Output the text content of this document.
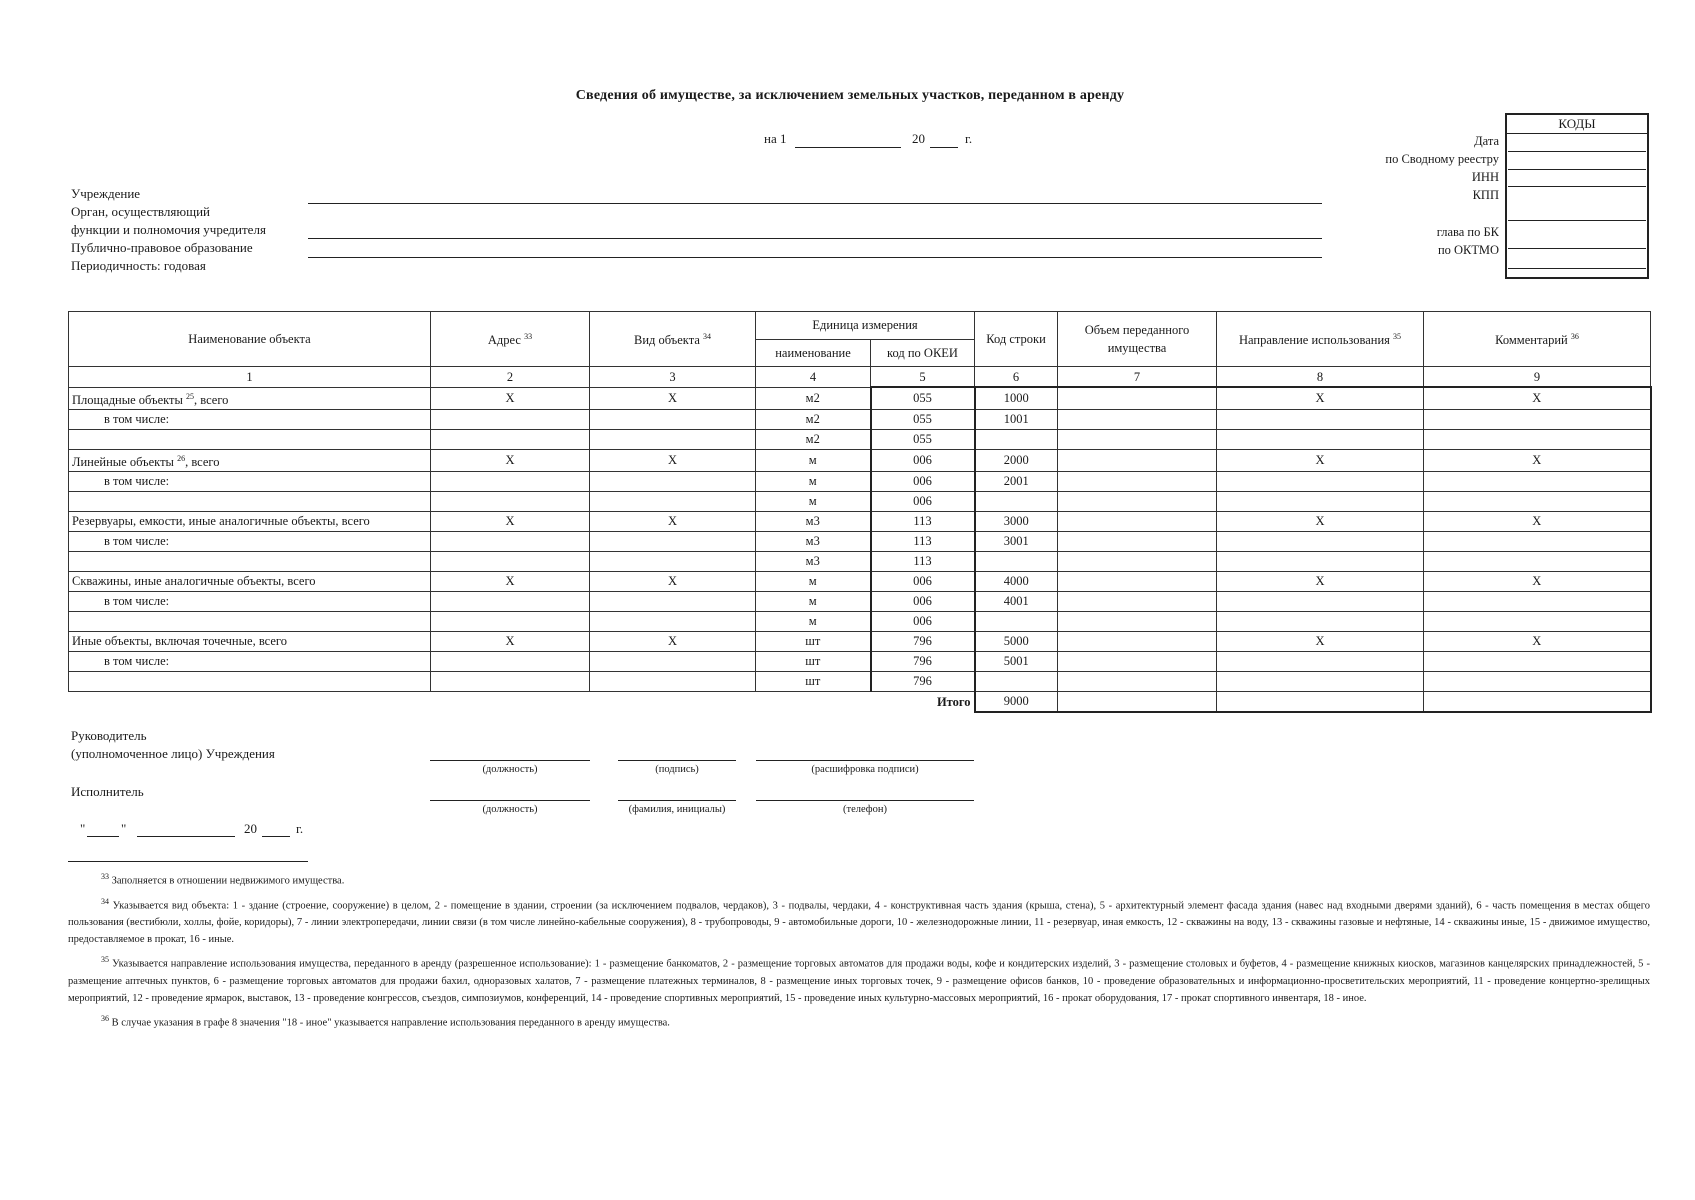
Сведения об имуществе, за исключением земельных участков, переданном в аренду
на 1	20	г.
КОДЫ
Дата
по Сводному реестру
ИНН
КПП
глава по БК
по ОКТМО
Учреждение
Орган, осуществляющий
функции и полномочия учредителя
Публично-правовое образование
Периодичность: годовая
Наименование объекта	Адрес $^{33}$	Вид объекта $^{34}$	Единица измерения		Код строки	Объем переданного имущества	Направление использования $^{35}$	Комментарий $^{36}$
			наименование	код по ОКЕИ				
1	2	3	4	5	6	7	8	9
Площадные объекты $^{25}$, всего	X	X	м2	055	1000		X	X
в том числе:			м2	055	1001			
			м2	055				
Линейные объекты $^{26}$, всего	X	X	м	006	2000		X	X
в том числе:			м	006	2001			
			м	006				
Резервуары, емкости, иные аналогичные объекты, всего	X	X	м3	113	3000		X	X
в том числе:			м3	113	3001			
			м3	113				
Скважины, иные аналогичные объекты, всего	X	X	м	006	4000		X	X
в том числе:			м	006	4001			
			м	006				
Иные объекты, включая точечные, всего	X	X	шт	796	5000		X	X
в том числе:			шт	796	5001			
			шт	796				
				Итого	9000			
Руководитель
(уполномоченное лицо) Учреждения
(должность)	(подпись)	(расшифровка подписи)
Исполнитель
(должность)	(фамилия, инициалы)	(телефон)
"	"	20	г.
$^{33}$ Заполняется в отношении недвижимого имущества.
$^{34}$ Указывается вид объекта: 1 - здание (строение, сооружение) в целом, 2 - помещение в здании, строении (за исключением подвалов, чердаков), 3 - подвалы, чердаки, 4 - конструктивная часть здания (крыша, стена), 5 - архитектурный элемент фасада здания (навес над входными дверями зданий), 6 - часть помещения в местах общего пользования (вестибюли, холлы, фойе, коридоры), 7 - линии электропередачи, линии связи (в том числе линейно-кабельные сооружения), 8 - трубопроводы, 9 - автомобильные дороги, 10 - железнодорожные линии, 11 - резервуар, иная емкость, 12 - скважины на воду, 13 - скважины газовые и нефтяные, 14 - скважины иные, 15 - движимое имущество, предоставляемое в прокат, 16 - иные.
$^{35}$ Указывается направление использования имущества, переданного в аренду (разрешенное использование): 1 - размещение банкоматов, 2 - размещение торговых автоматов для продажи воды, кофе и кондитерских изделий, 3 - размещение столовых и буфетов, 4 - размещение книжных киосков, магазинов канцелярских принадлежностей, 5 - размещение аптечных пунктов, 6 - размещение торговых автоматов для продажи бахил, одноразовых халатов, 7 - размещение платежных терминалов, 8 - размещение иных торговых точек, 9 - размещение офисов банков, 10 - проведение образовательных и информационно-просветительских мероприятий, 11 - проведение концертно-зрелищных мероприятий, 12 - проведение ярмарок, выставок, 13 - проведение конгрессов, съездов, симпозиумов, конференций, 14 - проведение спортивных мероприятий, 15 - проведение иных культурно-массовых мероприятий, 16 - прокат оборудования, 17 - прокат спортивного инвентаря, 18 - иное.
$^{36}$ В случае указания в графе 8 значения "18 - иное" указывается направление использования переданного в аренду имущества.
